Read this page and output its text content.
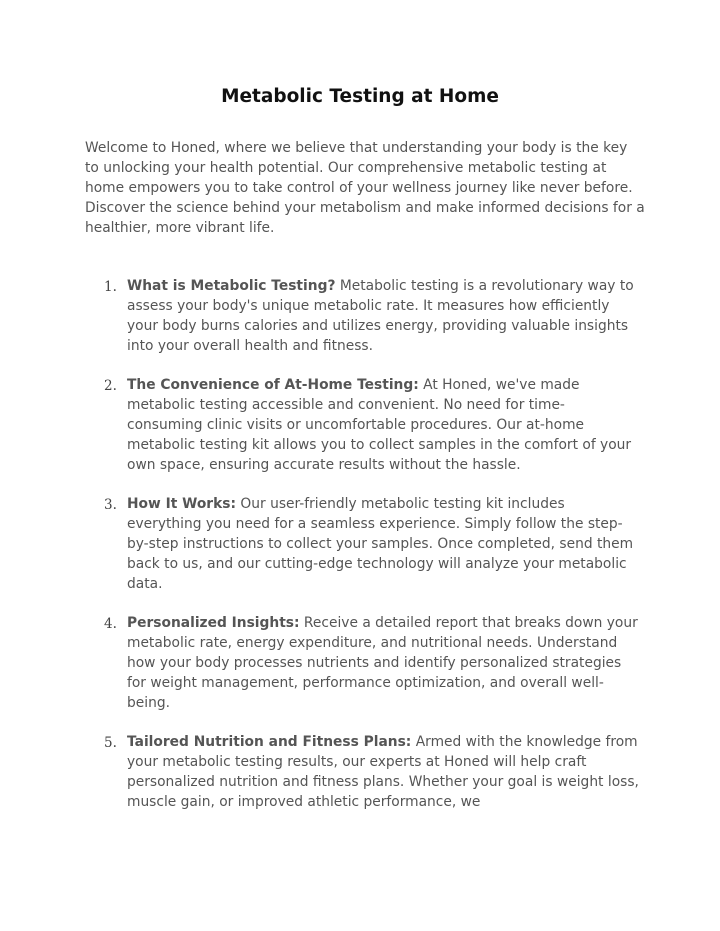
Metabolic Testing at Home

Welcome to Honed, where we believe that understanding your body is the key to unlocking your health potential. Our comprehensive metabolic testing at home empowers you to take control of your wellness journey like never before. Discover the science behind your metabolism and make informed decisions for a healthier, more vibrant life.

1. What is Metabolic Testing? Metabolic testing is a revolutionary way to assess your body's unique metabolic rate. It measures how efficiently your body burns calories and utilizes energy, providing valuable insights into your overall health and fitness.
2. The Convenience of At-Home Testing: At Honed, we've made metabolic testing accessible and convenient. No need for time-consuming clinic visits or uncomfortable procedures. Our at-home metabolic testing kit allows you to collect samples in the comfort of your own space, ensuring accurate results without the hassle.
3. How It Works: Our user-friendly metabolic testing kit includes everything you need for a seamless experience. Simply follow the step-by-step instructions to collect your samples. Once completed, send them back to us, and our cutting-edge technology will analyze your metabolic data.
4. Personalized Insights: Receive a detailed report that breaks down your metabolic rate, energy expenditure, and nutritional needs. Understand how your body processes nutrients and identify personalized strategies for weight management, performance optimization, and overall well-being.
5. Tailored Nutrition and Fitness Plans: Armed with the knowledge from your metabolic testing results, our experts at Honed will help craft personalized nutrition and fitness plans. Whether your goal is weight loss, muscle gain, or improved athletic performance, we
